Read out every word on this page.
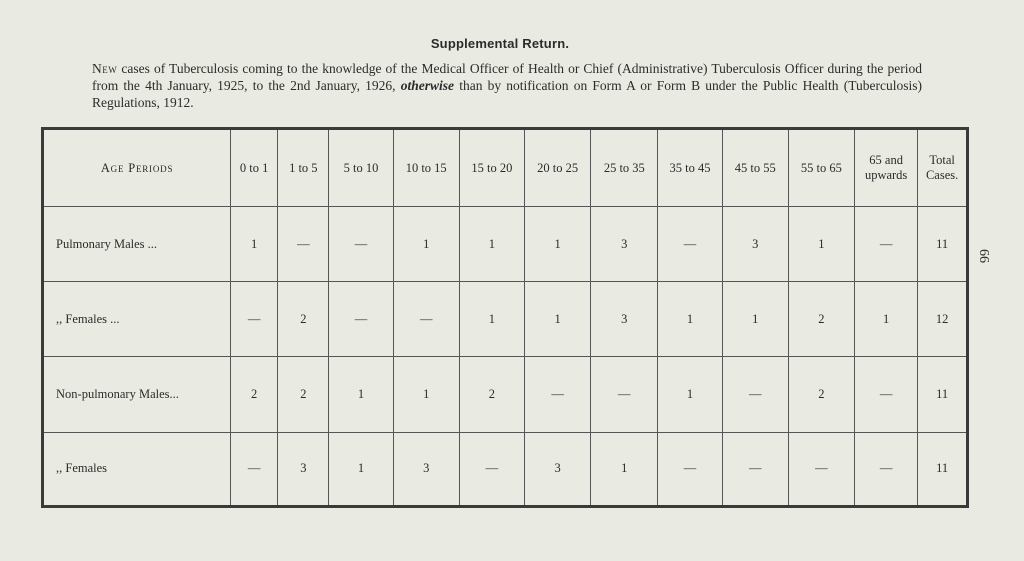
Supplemental Return.
New cases of Tuberculosis coming to the knowledge of the Medical Officer of Health or Chief (Administrative) Tuberculosis Officer during the period from the 4th January, 1925, to the 2nd January, 1926, otherwise than by notification on Form A or Form B under the Public Health (Tuberculosis) Regulations, 1912.
66
Age Periods	0 to 1	1 to 5	5 to 10	10 to 15	15 to 20	20 to 25	25 to 35	35 to 45	45 to 55	55 to 65	65 and upwards	Total Cases.
Pulmonary Males ...	1	—	—	1	1	1	3	—	3	1	—	11
,, Females ...	—	2	—	—	1	1	3	1	1	2	1	12
Non-pulmonary Males...	2	2	1	1	2	—	—	1	—	2	—	11
,, Females	—	3	1	3	—	3	1	—	—	—	—	11
